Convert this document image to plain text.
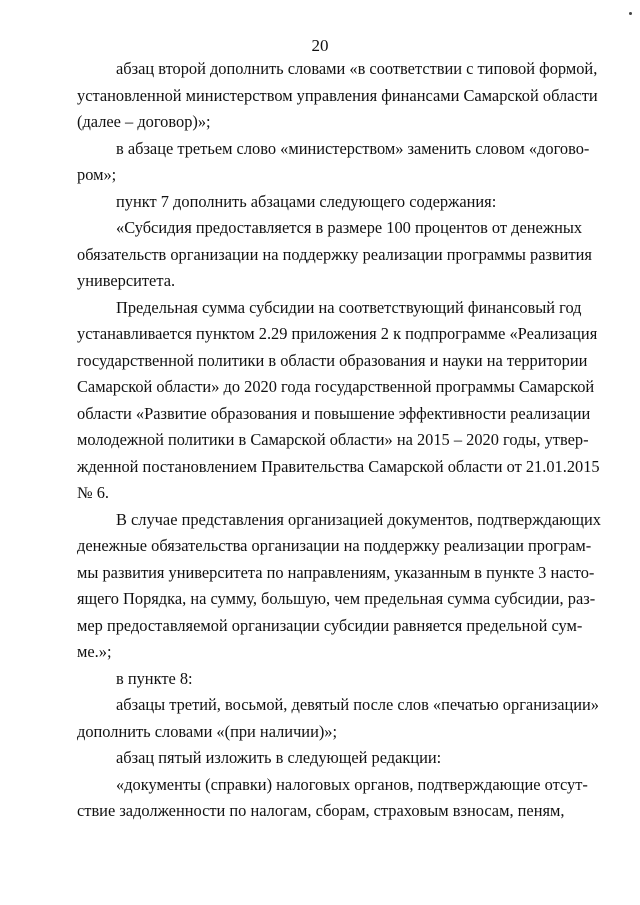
20
абзац второй дополнить словами «в соответствии с типовой формой,
установленной министерством управления финансами Самарской области
(далее – договор)»;
в абзаце третьем слово «министерством» заменить словом «догово-
ром»;
пункт 7 дополнить абзацами следующего содержания:
«Субсидия предоставляется в размере 100 процентов от денежных
обязательств организации на поддержку реализации программы развития
университета.
Предельная сумма субсидии на соответствующий финансовый год
устанавливается пунктом 2.29 приложения 2 к подпрограмме «Реализация
государственной политики в области образования и науки на территории
Самарской области» до 2020 года государственной программы Самарской
области «Развитие образования и повышение эффективности реализации
молодежной политики в Самарской области» на 2015 – 2020 годы, утвер-
жденной постановлением Правительства Самарской области от 21.01.2015
№ 6.
В случае представления организацией документов, подтверждающих
денежные обязательства организации на поддержку реализации програм-
мы развития университета по направлениям, указанным в пункте 3 насто-
ящего Порядка, на сумму, большую, чем предельная сумма субсидии, раз-
мер предоставляемой организации субсидии равняется предельной сум-
ме.»;
в пункте 8:
абзацы третий, восьмой, девятый после слов «печатью организации»
дополнить словами «(при наличии)»;
абзац пятый изложить в следующей редакции:
«документы (справки) налоговых органов, подтверждающие отсут-
ствие задолженности по налогам, сборам, страховым взносам, пеням,
